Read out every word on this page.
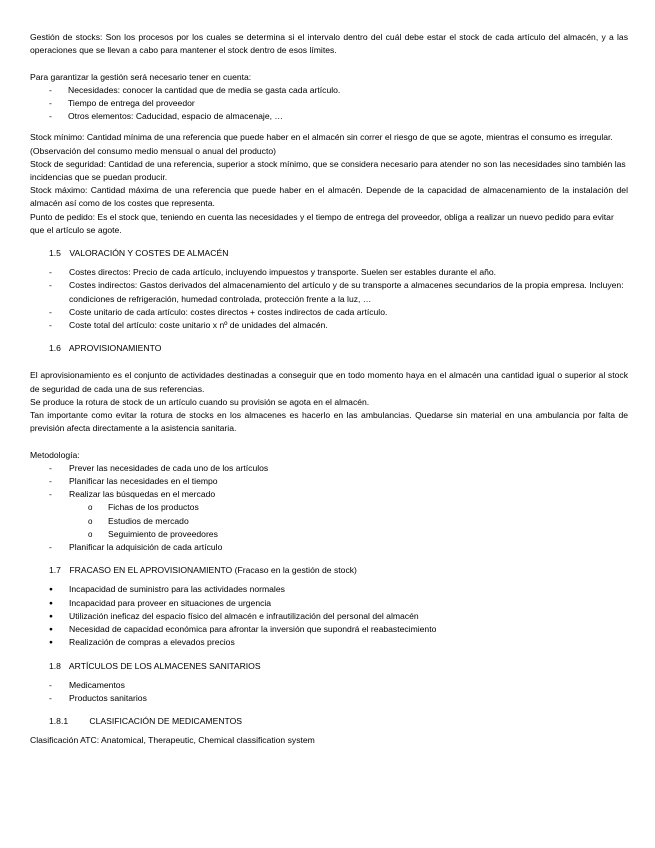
Gestión de stocks: Son los procesos por los cuales se determina si el intervalo dentro del cuál debe estar el stock de cada artículo del almacén, y a las operaciones que se llevan a cabo para mantener el stock dentro de esos límites.

Para garantizar la gestión será necesario tener en cuenta:

- Necesidades: conocer la cantidad que de media se gasta cada artículo.
- Tiempo de entrega del proveedor
- Otros elementos: Caducidad, espacio de almacenaje, …

Stock mínimo: Cantidad mínima de una referencia que puede haber en el almacén sin correr el riesgo de que se agote, mientras el consumo es irregular.

(Observación del consumo medio mensual o anual del producto)

Stock de seguridad: Cantidad de una referencia, superior a stock mínimo, que se considera necesario para atender no son las necesidades sino también las incidencias que se puedan producir.

Stock máximo: Cantidad máxima de una referencia que puede haber en el almacén. Depende de la capacidad de almacenamiento de la instalación del almacén así como de los costes que representa.

Punto de pedido: Es el stock que, teniendo en cuenta las necesidades y el tiempo de entrega del proveedor, obliga a realizar un nuevo pedido para evitar que el artículo se agote.

1.5 VALORACIÓN Y COSTES DE ALMACÉN

- Costes directos: Precio de cada artículo, incluyendo impuestos y transporte. Suelen ser estables durante el año.
- Costes indirectos: Gastos derivados del almacenamiento del artículo y de su transporte a almacenes secundarios de la propia empresa. Incluyen: condiciones de refrigeración, humedad controlada, protección frente a la luz, …
- Coste unitario de cada artículo: costes directos + costes indirectos de cada artículo.
- Coste total del artículo: coste unitario x nº de unidades del almacén.

1.6 APROVISIONAMIENTO

El aprovisionamiento es el conjunto de actividades destinadas a conseguir que en todo momento haya en el almacén una cantidad igual o superior al stock de seguridad de cada una de sus referencias.

Se produce la rotura de stock de un artículo cuando su provisión se agota en el almacén.

Tan importante como evitar la rotura de stocks en los almacenes es hacerlo en las ambulancias. Quedarse sin material en una ambulancia por falta de previsión afecta directamente a la asistencia sanitaria.

Metodología:

- Prever las necesidades de cada uno de los artículos
- Planificar las necesidades en el tiempo
- Realizar las búsquedas en el mercado
o Fichas de los productos
o Estudios de mercado
o Seguimiento de proveedores
- Planificar la adquisición de cada artículo

1.7 FRACASO EN EL APROVISIONAMIENTO (Fracaso en la gestión de stock)

● Incapacidad de suministro para las actividades normales
● Incapacidad para proveer en situaciones de urgencia
● Utilización ineficaz del espacio físico del almacén e infrautilización del personal del almacén
● Necesidad de capacidad económica para afrontar la inversión que supondrá el reabastecimiento
● Realización de compras a elevados precios

1.8 ARTÍCULOS DE LOS ALMACENES SANITARIOS

- Medicamentos
- Productos sanitarios

1.8.1 CLASIFICACIÓN DE MEDICAMENTOS

Clasificación ATC: Anatomical, Therapeutic, Chemical classification system
